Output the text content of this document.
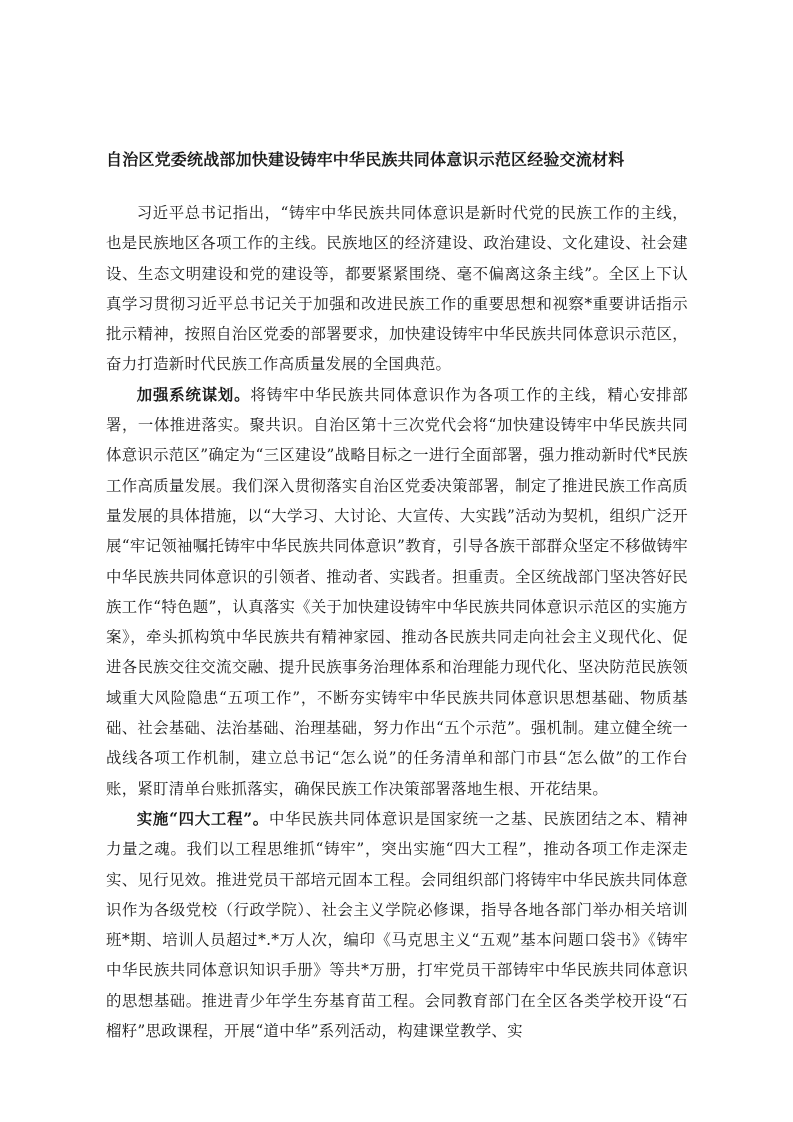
自治区党委统战部加快建设铸牢中华民族共同体意识示范区经验交流材料

习近平总书记指出，“铸牢中华民族共同体意识是新时代党的民族工作的主线，也是民族地区各项工作的主线。民族地区的经济建设、政治建设、文化建设、社会建设、生态文明建设和党的建设等，都要紧紧围绕、毫不偏离这条主线”。全区上下认真学习贯彻习近平总书记关于加强和改进民族工作的重要思想和视察*重要讲话指示批示精神，按照自治区党委的部署要求，加快建设铸牢中华民族共同体意识示范区，奋力打造新时代民族工作高质量发展的全国典范。

加强系统谋划。将铸牢中华民族共同体意识作为各项工作的主线，精心安排部署，一体推进落实。聚共识。自治区第十三次党代会将“加快建设铸牢中华民族共同体意识示范区”确定为“三区建设”战略目标之一进行全面部署，强力推动新时代*民族工作高质量发展。我们深入贯彻落实自治区党委决策部署，制定了推进民族工作高质量发展的具体措施，以“大学习、大讨论、大宣传、大实践”活动为契机，组织广泛开展“牢记领袖嘱托铸牢中华民族共同体意识”教育，引导各族干部群众坚定不移做铸牢中华民族共同体意识的引领者、推动者、实践者。担重责。全区统战部门坚决答好民族工作“特色题”，认真落实《关于加快建设铸牢中华民族共同体意识示范区的实施方案》，牵头抓构筑中华民族共有精神家园、推动各民族共同走向社会主义现代化、促进各民族交往交流交融、提升民族事务治理体系和治理能力现代化、坚决防范民族领域重大风险隐患“五项工作”，不断夯实铸牢中华民族共同体意识思想基础、物质基础、社会基础、法治基础、治理基础，努力作出“五个示范”。强机制。建立健全统一战线各项工作机制，建立总书记“怎么说”的任务清单和部门市县“怎么做”的工作台账，紧盯清单台账抓落实，确保民族工作决策部署落地生根、开花结果。

实施“四大工程”。中华民族共同体意识是国家统一之基、民族团结之本、精神力量之魂。我们以工程思维抓“铸牢”，突出实施“四大工程”，推动各项工作走深走实、见行见效。推进党员干部培元固本工程。会同组织部门将铸牢中华民族共同体意识作为各级党校（行政学院）、社会主义学院必修课，指导各地各部门举办相关培训班*期、培训人员超过*.*万人次，编印《马克思主义“五观”基本问题口袋书》《铸牢中华民族共同体意识知识手册》等共*万册，打牢党员干部铸牢中华民族共同体意识的思想基础。推进青少年学生夯基育苗工程。会同教育部门在全区各类学校开设“石榴籽”思政课程，开展“道中华”系列活动，构建课堂教学、实
